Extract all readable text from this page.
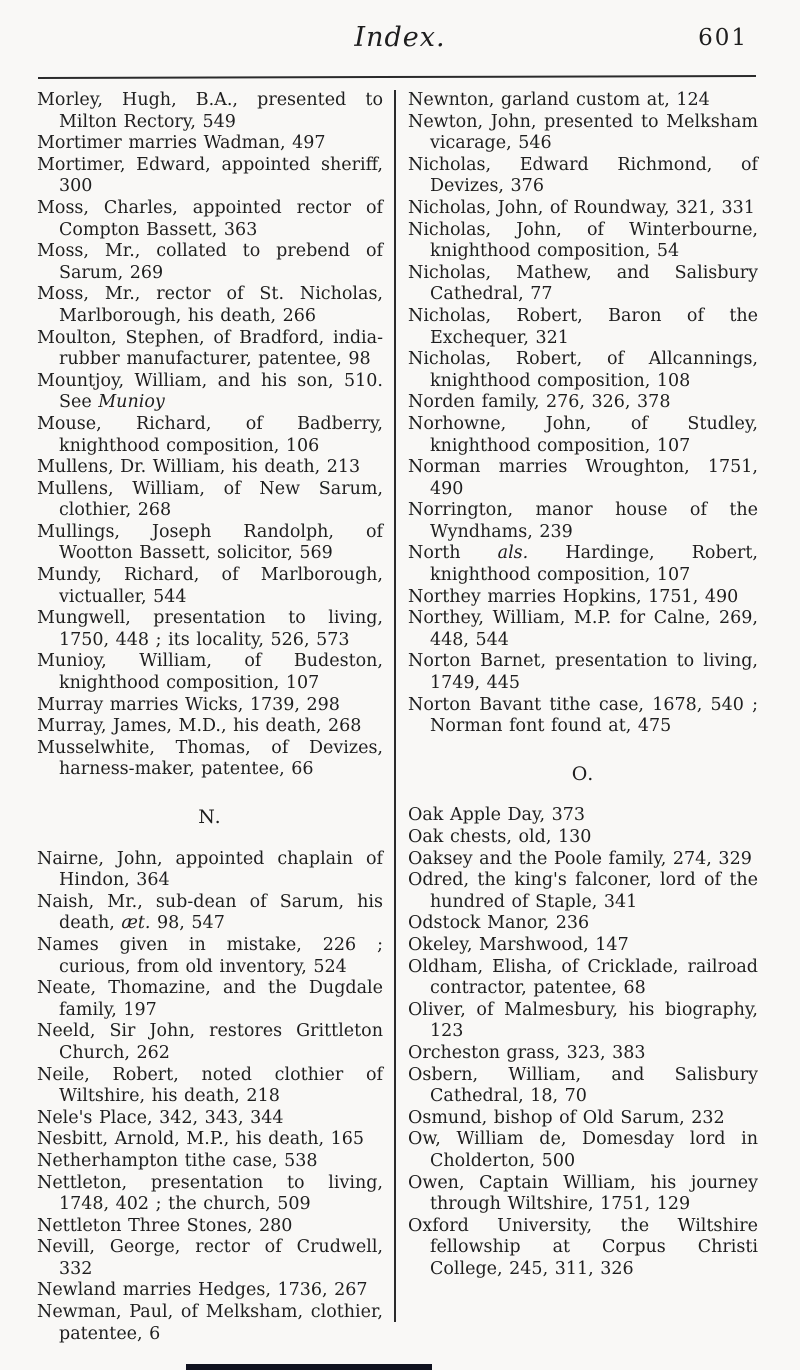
Index.	601
Morley, Hugh, B.A., presented to Milton Rectory, 549
Mortimer marries Wadman, 497
Mortimer, Edward, appointed sheriff, 300
Moss, Charles, appointed rector of Compton Bassett, 363
Moss, Mr., collated to prebend of Sarum, 269
Moss, Mr., rector of St. Nicholas, Marlborough, his death, 266
Moulton, Stephen, of Bradford, india-rubber manufacturer, patentee, 98
Mountjoy, William, and his son, 510. See Munioy
Mouse, Richard, of Badberry, knighthood composition, 106
Mullens, Dr. William, his death, 213
Mullens, William, of New Sarum, clothier, 268
Mullings, Joseph Randolph, of Wootton Bassett, solicitor, 569
Mundy, Richard, of Marlborough, victualler, 544
Mungwell, presentation to living, 1750, 448 ; its locality, 526, 573
Munioy, William, of Budeston, knighthood composition, 107
Murray marries Wicks, 1739, 298
Murray, James, M.D., his death, 268
Musselwhite, Thomas, of Devizes, harness-maker, patentee, 66
N.
Nairne, John, appointed chaplain of Hindon, 364
Naish, Mr., sub-dean of Sarum, his death, æt. 98, 547
Names given in mistake, 226 ; curious, from old inventory, 524
Neate, Thomazine, and the Dugdale family, 197
Neeld, Sir John, restores Grittleton Church, 262
Neile, Robert, noted clothier of Wiltshire, his death, 218
Nele's Place, 342, 343, 344
Nesbitt, Arnold, M.P., his death, 165
Netherhampton tithe case, 538
Nettleton, presentation to living, 1748, 402 ; the church, 509
Nettleton Three Stones, 280
Nevill, George, rector of Crudwell, 332
Newland marries Hedges, 1736, 267
Newman, Paul, of Melksham, clothier, patentee, 6
Newnton, garland custom at, 124
Newton, John, presented to Melksham vicarage, 546
Nicholas, Edward Richmond, of Devizes, 376
Nicholas, John, of Roundway, 321, 331
Nicholas, John, of Winterbourne, knighthood composition, 54
Nicholas, Mathew, and Salisbury Cathedral, 77
Nicholas, Robert, Baron of the Exchequer, 321
Nicholas, Robert, of Allcannings, knighthood composition, 108
Norden family, 276, 326, 378
Norhowne, John, of Studley, knighthood composition, 107
Norman marries Wroughton, 1751, 490
Norrington, manor house of the Wyndhams, 239
North als. Hardinge, Robert, knighthood composition, 107
Northey marries Hopkins, 1751, 490
Northey, William, M.P. for Calne, 269, 448, 544
Norton Barnet, presentation to living, 1749, 445
Norton Bavant tithe case, 1678, 540 ; Norman font found at, 475
O.
Oak Apple Day, 373
Oak chests, old, 130
Oaksey and the Poole family, 274, 329
Odred, the king's falconer, lord of the hundred of Staple, 341
Odstock Manor, 236
Okeley, Marshwood, 147
Oldham, Elisha, of Cricklade, railroad contractor, patentee, 68
Oliver, of Malmesbury, his biography, 123
Orcheston grass, 323, 383
Osbern, William, and Salisbury Cathedral, 18, 70
Osmund, bishop of Old Sarum, 232
Ow, William de, Domesday lord in Cholderton, 500
Owen, Captain William, his journey through Wiltshire, 1751, 129
Oxford University, the Wiltshire fellowship at Corpus Christi College, 245, 311, 326
